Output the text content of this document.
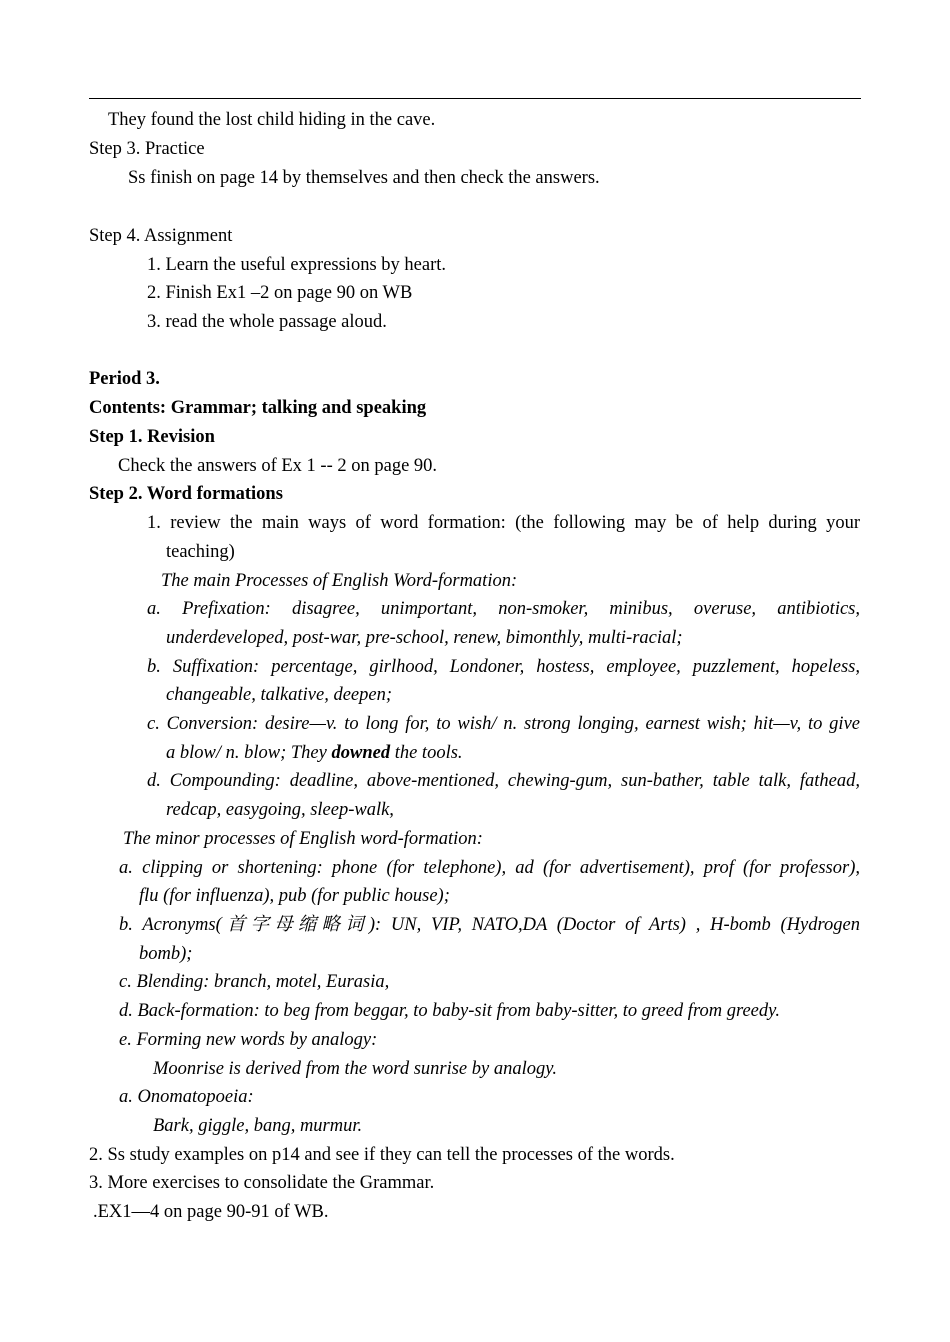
They found the lost child hiding in the cave.
Step 3. Practice
Ss finish on page 14 by themselves and then check the answers.
Step 4. Assignment
1. Learn the useful expressions by heart.
2. Finish Ex1 –2 on page 90 on WB
3. read the whole passage aloud.
Period 3.
Contents: Grammar; talking and speaking
Step 1. Revision
Check the answers of Ex 1 -- 2 on page 90.
Step 2. Word formations
1. review the main ways of word formation: (the following may be of help during your
teaching)
The main Processes of English Word-formation:
a. Prefixation: disagree, unimportant, non-smoker, minibus, overuse, antibiotics,
underdeveloped, post-war, pre-school, renew, bimonthly, multi-racial;
b. Suffixation: percentage, girlhood, Londoner, hostess, employee, puzzlement, hopeless,
changeable, talkative, deepen;
c. Conversion: desire—v. to long for, to wish/ n. strong longing, earnest wish; hit—v, to give
a blow/ n. blow; They downed the tools.
d. Compounding: deadline, above-mentioned, chewing-gum, sun-bather, table talk, fathead,
redcap, easygoing, sleep-walk,
The minor processes of English word-formation:
a. clipping or shortening: phone (for telephone), ad (for advertisement), prof (for professor),
flu (for influenza), pub (for public house);
b. Acronyms(首字母缩略词): UN, VIP, NATO,DA (Doctor of Arts) , H-bomb (Hydrogen
bomb);
c. Blending: branch, motel, Eurasia,
d. Back-formation: to beg from beggar, to baby-sit from baby-sitter, to greed from greedy.
e. Forming new words by analogy:
Moonrise is derived from the word sunrise by analogy.
a. Onomatopoeia:
Bark, giggle, bang, murmur.
2. Ss study examples on p14 and see if they can tell the processes of the words.
3. More exercises to consolidate the Grammar.
.EX1—4 on page 90-91 of WB.
